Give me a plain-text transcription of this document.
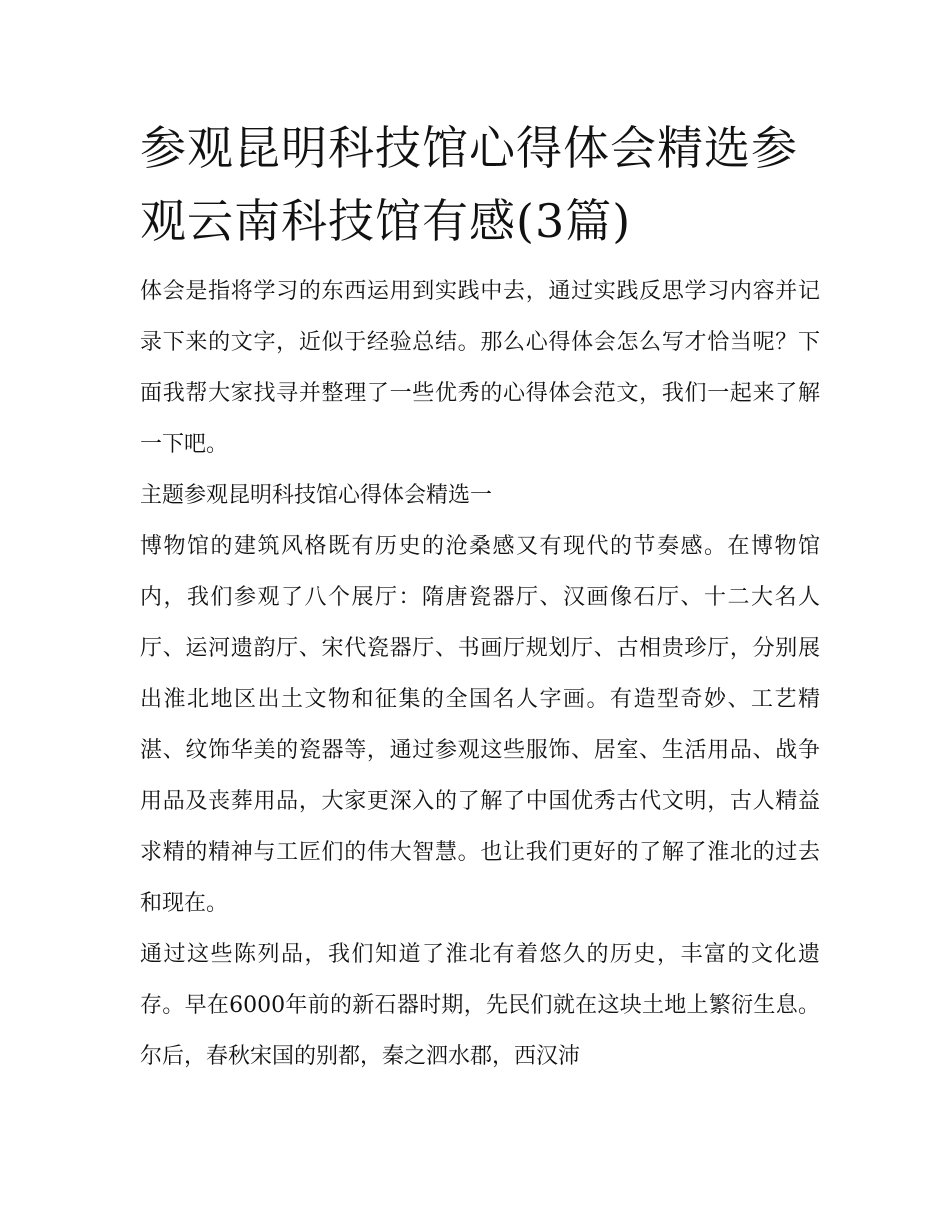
参观昆明科技馆心得体会精选参观云南科技馆有感(3篇)

体会是指将学习的东西运用到实践中去，通过实践反思学习内容并记录下来的文字，近似于经验总结。那么心得体会怎么写才恰当呢？下面我帮大家找寻并整理了一些优秀的心得体会范文，我们一起来了解一下吧。

主题参观昆明科技馆心得体会精选一

博物馆的建筑风格既有历史的沧桑感又有现代的节奏感。在博物馆内，我们参观了八个展厅：隋唐瓷器厅、汉画像石厅、十二大名人厅、运河遗韵厅、宋代瓷器厅、书画厅规划厅、古相贵珍厅，分别展出淮北地区出土文物和征集的全国名人字画。有造型奇妙、工艺精湛、纹饰华美的瓷器等，通过参观这些服饰、居室、生活用品、战争用品及丧葬用品，大家更深入的了解了中国优秀古代文明，古人精益求精的精神与工匠们的伟大智慧。也让我们更好的了解了淮北的过去和现在。

通过这些陈列品，我们知道了淮北有着悠久的历史，丰富的文化遗存。早在6000年前的新石器时期，先民们就在这块土地上繁衍生息。尔后，春秋宋国的别都，秦之泗水郡，西汉沛
